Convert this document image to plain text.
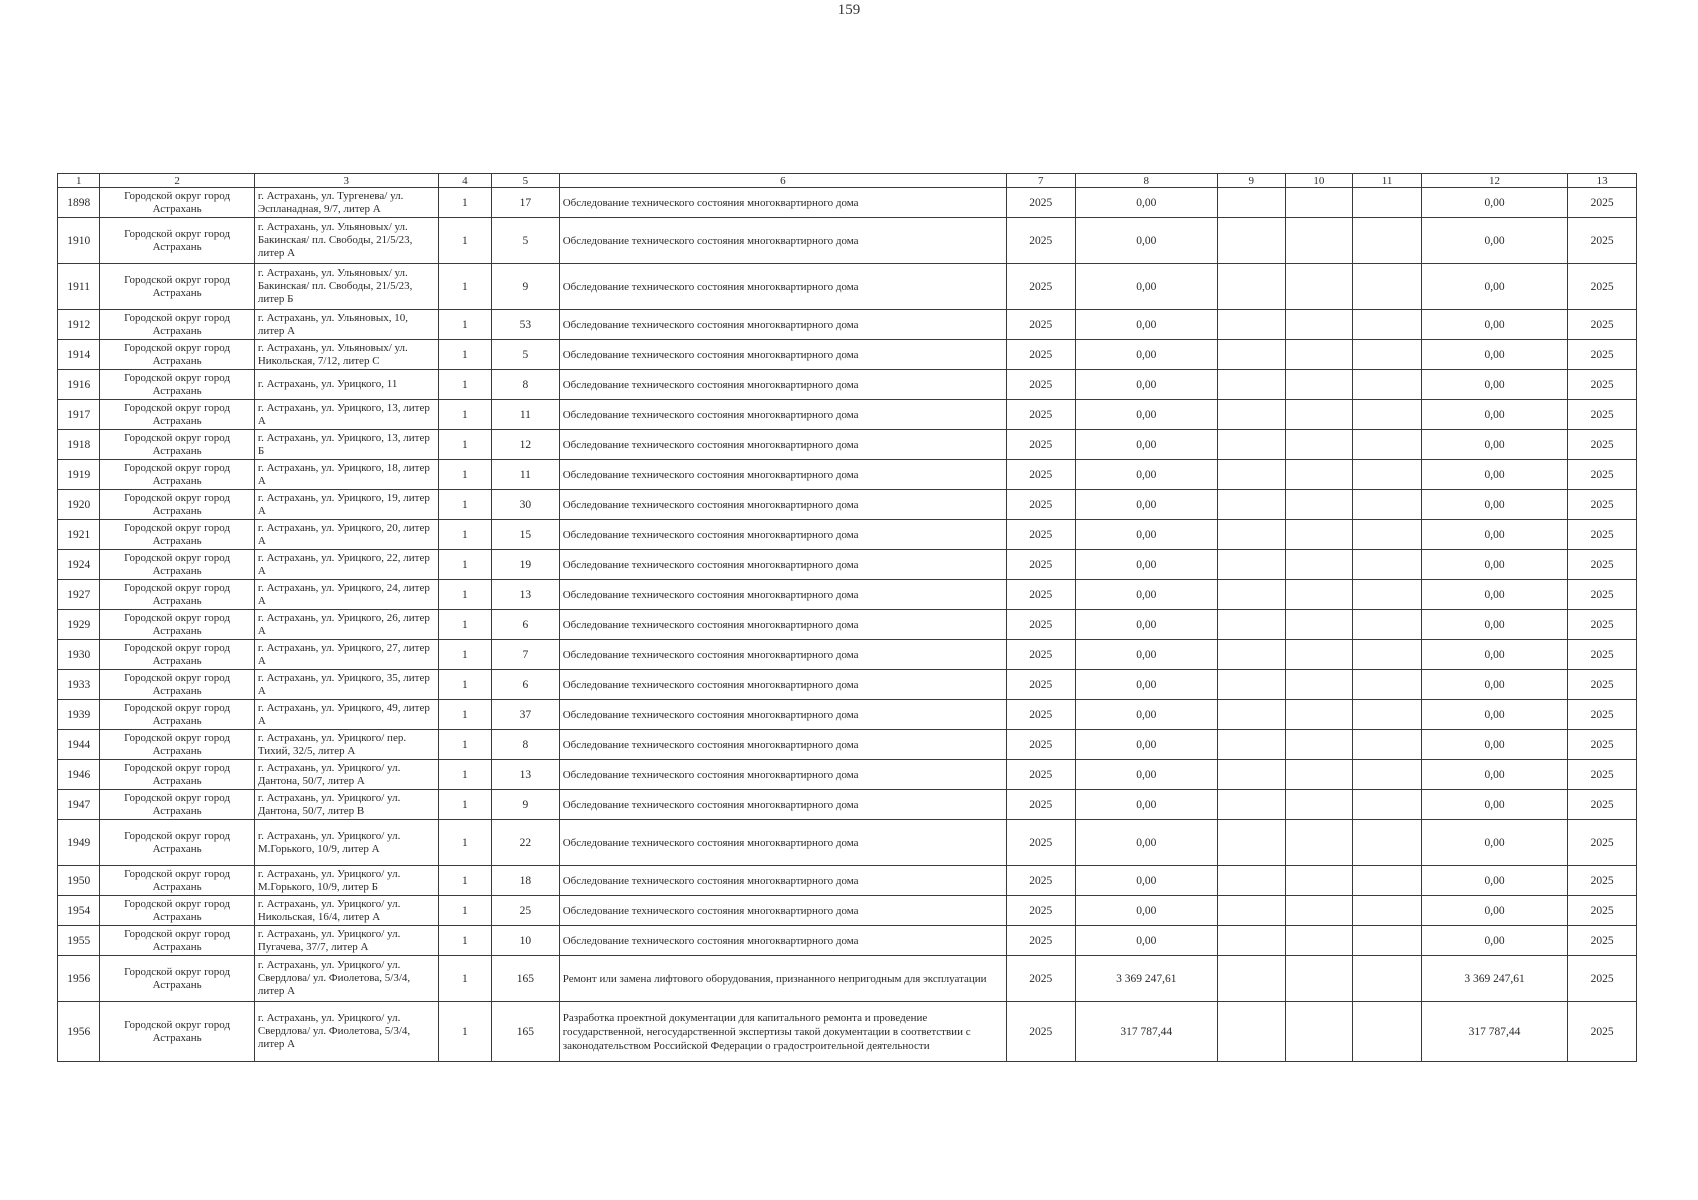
159
1	2	3	4	5	6	7	8	9	10	11	12	13
1898	Городской округ город Астрахань	г. Астрахань, ул. Тургенева/ ул. Эспланадная, 9/7, литер А	1	17	Обследование технического состояния многоквартирного дома	2025	0,00				0,00	2025
1910	Городской округ город Астрахань	г. Астрахань, ул. Ульяновых/ ул. Бакинская/ пл. Свободы, 21/5/23, литер А	1	5	Обследование технического состояния многоквартирного дома	2025	0,00				0,00	2025
1911	Городской округ город Астрахань	г. Астрахань, ул. Ульяновых/ ул. Бакинская/ пл. Свободы, 21/5/23, литер Б	1	9	Обследование технического состояния многоквартирного дома	2025	0,00				0,00	2025
1912	Городской округ город Астрахань	г. Астрахань, ул. Ульяновых, 10, литер А	1	53	Обследование технического состояния многоквартирного дома	2025	0,00				0,00	2025
1914	Городской округ город Астрахань	г. Астрахань, ул. Ульяновых/ ул. Никольская, 7/12, литер С	1	5	Обследование технического состояния многоквартирного дома	2025	0,00				0,00	2025
1916	Городской округ город Астрахань	г. Астрахань, ул. Урицкого, 11	1	8	Обследование технического состояния многоквартирного дома	2025	0,00				0,00	2025
1917	Городской округ город Астрахань	г. Астрахань, ул. Урицкого, 13, литер А	1	11	Обследование технического состояния многоквартирного дома	2025	0,00				0,00	2025
1918	Городской округ город Астрахань	г. Астрахань, ул. Урицкого, 13, литер Б	1	12	Обследование технического состояния многоквартирного дома	2025	0,00				0,00	2025
1919	Городской округ город Астрахань	г. Астрахань, ул. Урицкого, 18, литер А	1	11	Обследование технического состояния многоквартирного дома	2025	0,00				0,00	2025
1920	Городской округ город Астрахань	г. Астрахань, ул. Урицкого, 19, литер А	1	30	Обследование технического состояния многоквартирного дома	2025	0,00				0,00	2025
1921	Городской округ город Астрахань	г. Астрахань, ул. Урицкого, 20, литер А	1	15	Обследование технического состояния многоквартирного дома	2025	0,00				0,00	2025
1924	Городской округ город Астрахань	г. Астрахань, ул. Урицкого, 22, литер А	1	19	Обследование технического состояния многоквартирного дома	2025	0,00				0,00	2025
1927	Городской округ город Астрахань	г. Астрахань, ул. Урицкого, 24, литер А	1	13	Обследование технического состояния многоквартирного дома	2025	0,00				0,00	2025
1929	Городской округ город Астрахань	г. Астрахань, ул. Урицкого, 26, литер А	1	6	Обследование технического состояния многоквартирного дома	2025	0,00				0,00	2025
1930	Городской округ город Астрахань	г. Астрахань, ул. Урицкого, 27, литер А	1	7	Обследование технического состояния многоквартирного дома	2025	0,00				0,00	2025
1933	Городской округ город Астрахань	г. Астрахань, ул. Урицкого, 35, литер А	1	6	Обследование технического состояния многоквартирного дома	2025	0,00				0,00	2025
1939	Городской округ город Астрахань	г. Астрахань, ул. Урицкого, 49, литер А	1	37	Обследование технического состояния многоквартирного дома	2025	0,00				0,00	2025
1944	Городской округ город Астрахань	г. Астрахань, ул. Урицкого/ пер. Тихий, 32/5, литер А	1	8	Обследование технического состояния многоквартирного дома	2025	0,00				0,00	2025
1946	Городской округ город Астрахань	г. Астрахань, ул. Урицкого/ ул. Дантона, 50/7, литер А	1	13	Обследование технического состояния многоквартирного дома	2025	0,00				0,00	2025
1947	Городской округ город Астрахань	г. Астрахань, ул. Урицкого/ ул. Дантона, 50/7, литер В	1	9	Обследование технического состояния многоквартирного дома	2025	0,00				0,00	2025
1949	Городской округ город Астрахань	г. Астрахань, ул. Урицкого/ ул. М.Горького, 10/9, литер А	1	22	Обследование технического состояния многоквартирного дома	2025	0,00				0,00	2025
1950	Городской округ город Астрахань	г. Астрахань, ул. Урицкого/ ул. М.Горького, 10/9, литер Б	1	18	Обследование технического состояния многоквартирного дома	2025	0,00				0,00	2025
1954	Городской округ город Астрахань	г. Астрахань, ул. Урицкого/ ул. Никольская, 16/4, литер А	1	25	Обследование технического состояния многоквартирного дома	2025	0,00				0,00	2025
1955	Городской округ город Астрахань	г. Астрахань, ул. Урицкого/ ул. Пугачева, 37/7, литер А	1	10	Обследование технического состояния многоквартирного дома	2025	0,00				0,00	2025
1956	Городской округ город Астрахань	г. Астрахань, ул. Урицкого/ ул. Свердлова/ ул. Фиолетова, 5/3/4, литер А	1	165	Ремонт или замена лифтового оборудования, признанного непригодным для эксплуатации	2025	3 369 247,61				3 369 247,61	2025
1956	Городской округ город Астрахань	г. Астрахань, ул. Урицкого/ ул. Свердлова/ ул. Фиолетова, 5/3/4, литер А	1	165	Разработка проектной документации для капитального ремонта и проведение государственной, негосударственной экспертизы такой документации в соответствии с законодательством Российской Федерации о градостроительной деятельности	2025	317 787,44				317 787,44	2025
